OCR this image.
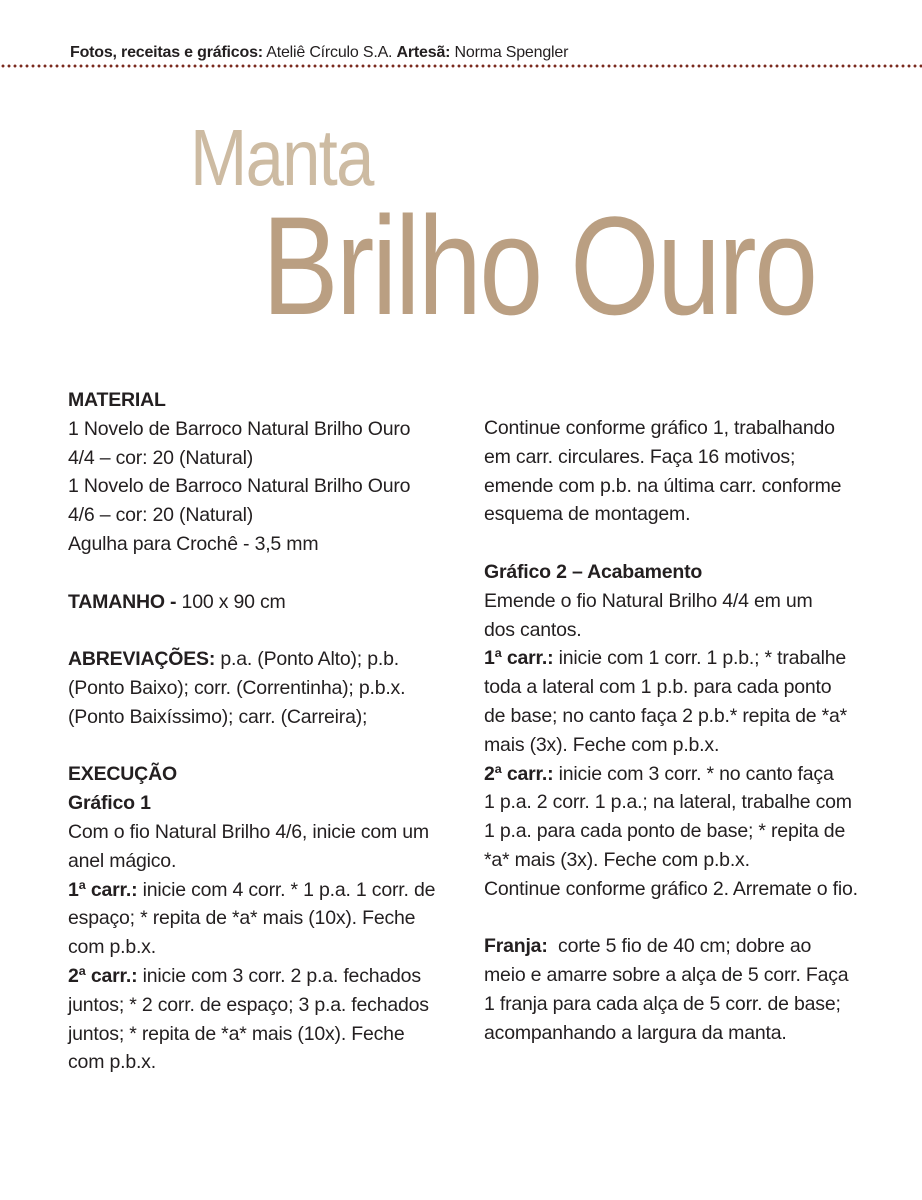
Fotos, receitas e gráficos: Ateliê Círculo S.A. Artesã: Norma Spengler
Manta
Brilho Ouro
MATERIAL
1 Novelo de Barroco Natural Brilho Ouro
4/4 – cor: 20 (Natural)
1 Novelo de Barroco Natural Brilho Ouro
4/6 – cor: 20 (Natural)
Agulha para Crochê - 3,5 mm
TAMANHO - 100 x 90 cm
ABREVIAÇÕES: p.a. (Ponto Alto); p.b.
(Ponto Baixo); corr. (Correntinha); p.b.x.
(Ponto Baixíssimo); carr. (Carreira);
EXECUÇÃO
Gráfico 1
Com o fio Natural Brilho 4/6, inicie com um
anel mágico.
1ª carr.: inicie com 4 corr. * 1 p.a. 1 corr. de
espaço; * repita de *a* mais (10x). Feche
com p.b.x.
2ª carr.: inicie com 3 corr. 2 p.a. fechados
juntos; * 2 corr. de espaço; 3 p.a. fechados
juntos; * repita de *a* mais (10x). Feche
com p.b.x.
Continue conforme gráfico 1, trabalhando
em carr. circulares. Faça 16 motivos;
emende com p.b. na última carr. conforme
esquema de montagem.
Gráfico 2 – Acabamento
Emende o fio Natural Brilho 4/4 em um
dos cantos.
1ª carr.: inicie com 1 corr. 1 p.b.; * trabalhe
toda a lateral com 1 p.b. para cada ponto
de base; no canto faça 2 p.b.* repita de *a*
mais (3x). Feche com p.b.x.
2ª carr.: inicie com 3 corr. * no canto faça
1 p.a. 2 corr. 1 p.a.; na lateral, trabalhe com
1 p.a. para cada ponto de base; * repita de
*a* mais (3x). Feche com p.b.x.
Continue conforme gráfico 2. Arremate o fio.
Franja:  corte 5 fio de 40 cm; dobre ao
meio e amarre sobre a alça de 5 corr. Faça
1 franja para cada alça de 5 corr. de base;
acompanhando a largura da manta.
